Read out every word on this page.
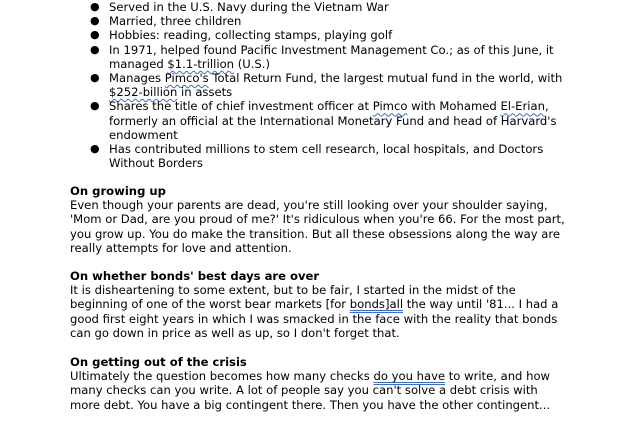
● Served in the U.S. Navy during the Vietnam War
● Married, three children
● Hobbies: reading, collecting stamps, playing golf
● In 1971, helped found Pacific Investment Management Co.; as of this June, it managed $1.1-trillion (U.S.)
● Manages Pimco's Total Return Fund, the largest mutual fund in the world, with $252-billion in assets
● Shares the title of chief investment officer at Pimco with Mohamed El-Erian, formerly an official at the International Monetary Fund and head of Harvard's endowment
● Has contributed millions to stem cell research, local hospitals, and Doctors Without Borders
On growing up

Even though your parents are dead, you're still looking over your shoulder saying, 'Mom or Dad, are you proud of me?' It's ridiculous when you're 66. For the most part, you grow up. You do make the transition. But all these obsessions along the way are really attempts for love and attention.

On whether bonds' best days are over

It is disheartening to some extent, but to be fair, I started in the midst of the beginning of one of the worst bear markets [for bonds]all the way until '81... I had a good first eight years in which I was smacked in the face with the reality that bonds can go down in price as well as up, so I don't forget that.

On getting out of the crisis

Ultimately the question becomes how many checks do you have to write, and how many checks can you write. A lot of people say you can't solve a debt crisis with more debt. You have a big contingent there. Then you have the other contingent...
